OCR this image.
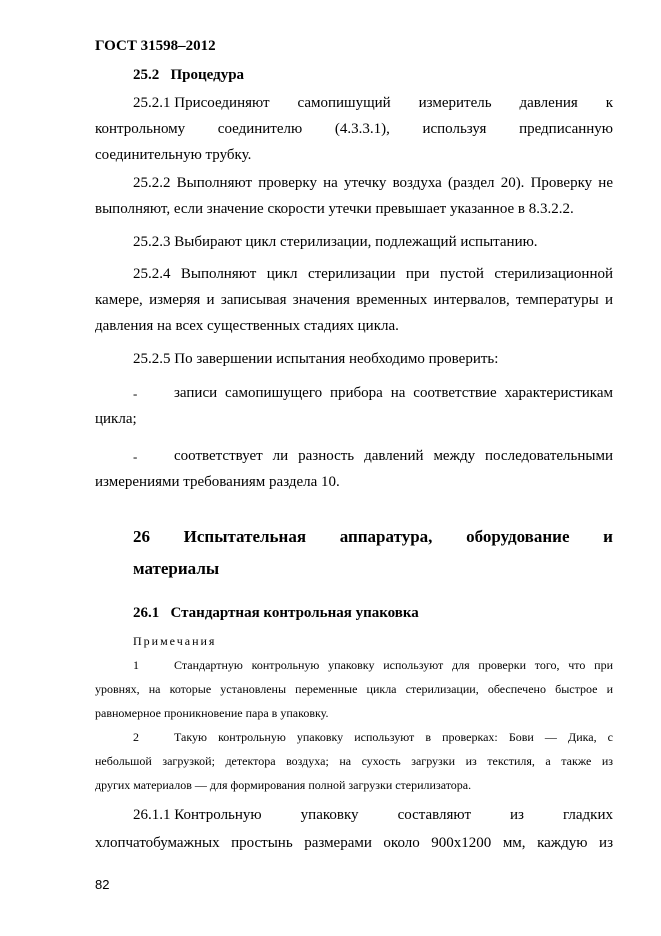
ГОСТ 31598–2012
25.2 Процедура
25.2.1 Присоединяют самопишущий измеритель давления к
контрольному соединителю (4.3.3.1), используя предписанную
соединительную трубку.
25.2.2 Выполняют проверку на утечку воздуха (раздел 20). Проверку не
выполняют, если значение скорости утечки превышает указанное в 8.3.2.2.
25.2.3 Выбирают цикл стерилизации, подлежащий испытанию.
25.2.4 Выполняют цикл стерилизации при пустой стерилизационной
камере, измеряя и записывая значения временных интервалов, температуры и
давления на всех существенных стадиях цикла.
25.2.5 По завершении испытания необходимо проверить:
- записи самопишущего прибора на соответствие характеристикам
цикла;
- соответствует ли разность давлений между последовательными
измерениями требованиям раздела 10.
26 Испытательная аппаратура, оборудование и
материалы
26.1 Стандартная контрольная упаковка
Примечания
1	Стандартную контрольную упаковку используют для проверки того, что при
уровнях, на которые установлены переменные цикла стерилизации, обеспечено быстрое и
равномерное проникновение пара в упаковку.
2	Такую контрольную упаковку используют в проверках: Бови — Дика, с
небольшой загрузкой; детектора воздуха; на сухость загрузки из текстиля, а также из
других материалов — для формирования полной загрузки стерилизатора.
26.1.1 Контрольную	упаковку	составляют	из	гладких
хлопчатобумажных простынь размерами около 900x1200 мм, каждую из
82
